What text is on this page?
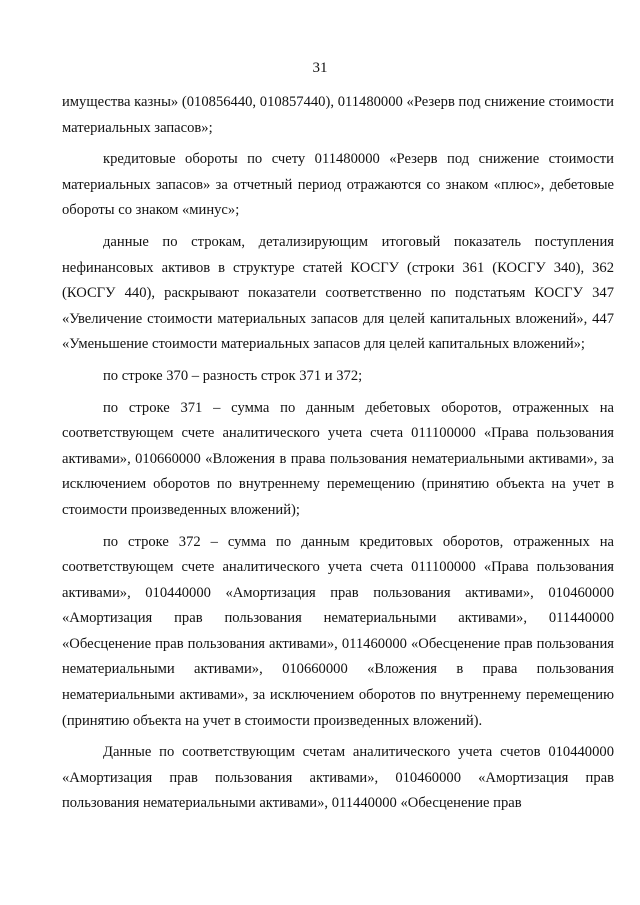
31

имущества казны» (010856440, 010857440), 011480000 «Резерв под снижение стоимости материальных запасов»;

кредитовые обороты по счету 011480000 «Резерв под снижение стоимости материальных запасов» за отчетный период отражаются со знаком «плюс», дебетовые обороты со знаком «минус»;

данные по строкам, детализирующим итоговый показатель поступления нефинансовых активов в структуре статей КОСГУ (строки 361 (КОСГУ 340), 362 (КОСГУ 440), раскрывают показатели соответственно по подстатьям КОСГУ 347 «Увеличение стоимости материальных запасов для целей капитальных вложений», 447 «Уменьшение стоимости материальных запасов для целей капитальных вложений»;

по строке 370 – разность строк 371 и 372;

по строке 371 – сумма по данным дебетовых оборотов, отраженных на соответствующем счете аналитического учета счета 011100000 «Права пользования активами», 010660000 «Вложения в права пользования нематериальными активами», за исключением оборотов по внутреннему перемещению (принятию объекта на учет в стоимости произведенных вложений);

по строке 372 – сумма по данным кредитовых оборотов, отраженных на соответствующем счете аналитического учета счета 011100000 «Права пользования активами», 010440000 «Амортизация прав пользования активами», 010460000 «Амортизация прав пользования нематериальными активами», 011440000 «Обесценение прав пользования активами», 011460000 «Обесценение прав пользования нематериальными активами», 010660000 «Вложения в права пользования нематериальными активами», за исключением оборотов по внутреннему перемещению (принятию объекта на учет в стоимости произведенных вложений).

Данные по соответствующим счетам аналитического учета счетов 010440000 «Амортизация прав пользования активами», 010460000 «Амортизация прав пользования нематериальными активами», 011440000 «Обесценение прав
